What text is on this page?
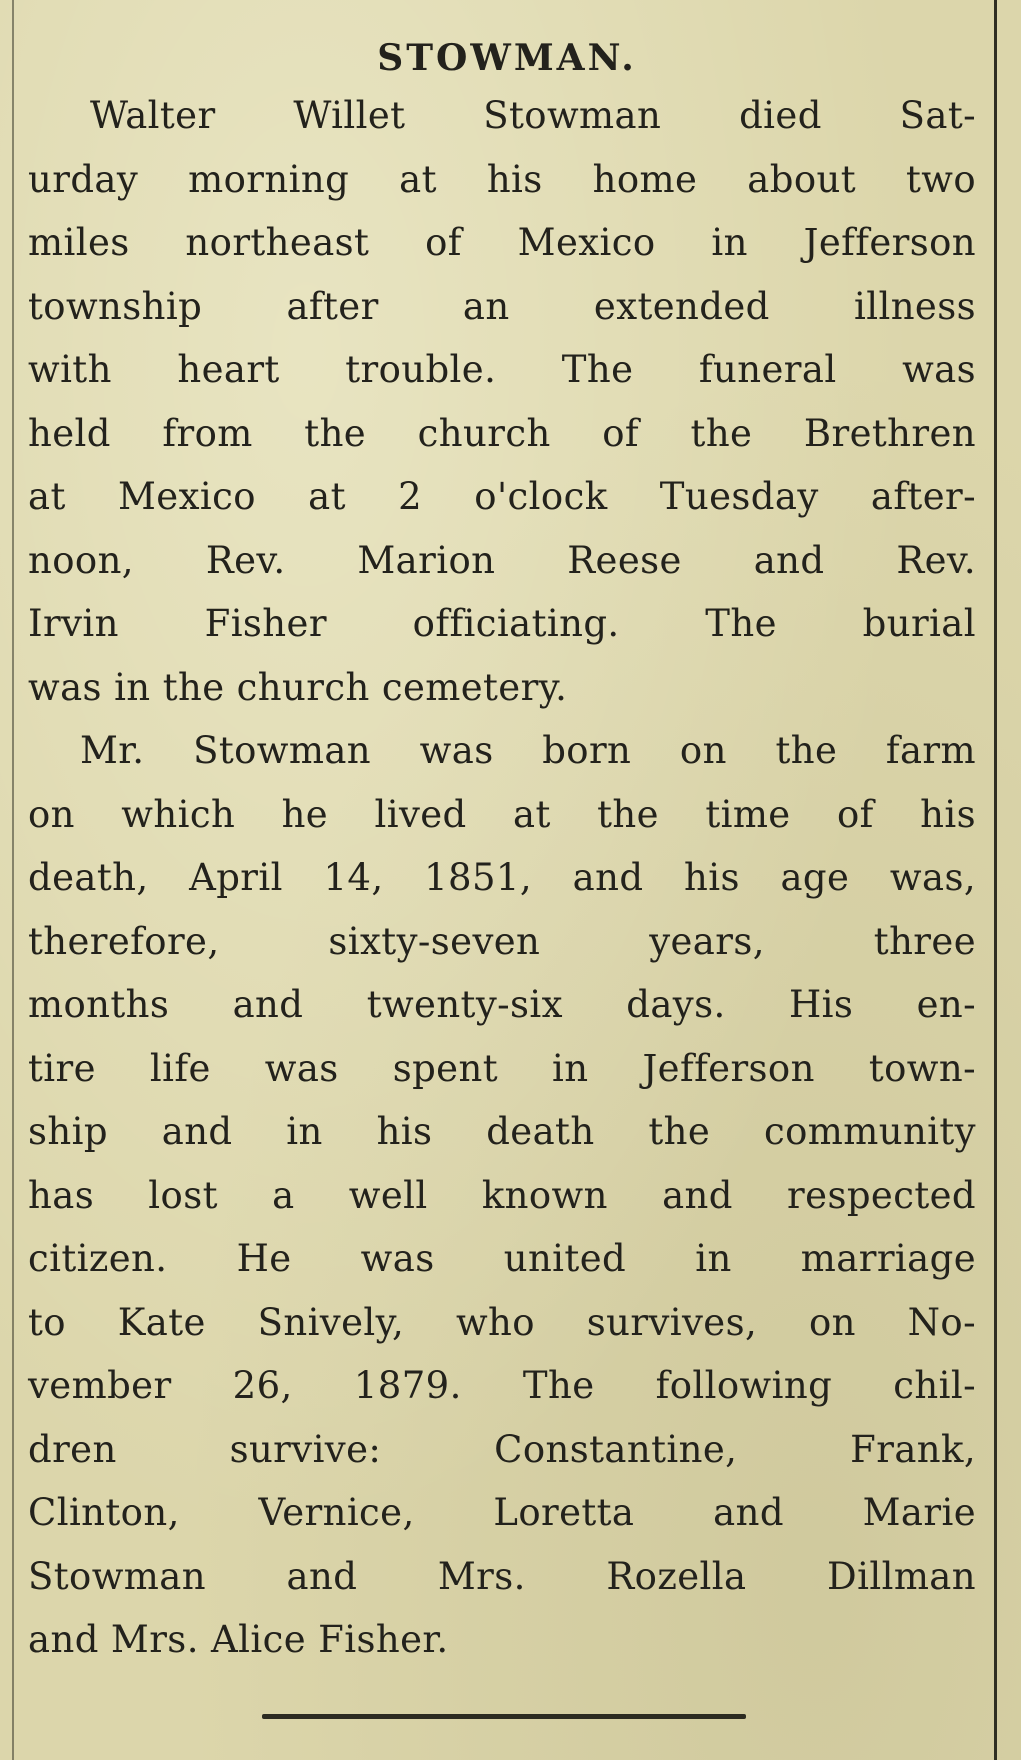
STOWMAN.

Walter Willet Stowman died Sat-
urday morning at his home about two
miles northeast of Mexico in Jefferson
township after an extended illness
with heart trouble. The funeral was
held from the church of the Brethren
at Mexico at 2 o'clock Tuesday after-
noon, Rev. Marion Reese and Rev.
Irvin Fisher officiating. The burial
was in the church cemetery.

Mr. Stowman was born on the farm
on which he lived at the time of his
death, April 14, 1851, and his age was,
therefore, sixty-seven years, three
months and twenty-six days. His en-
tire life was spent in Jefferson town-
ship and in his death the community
has lost a well known and respected
citizen. He was united in marriage
to Kate Snively, who survives, on No-
vember 26, 1879. The following chil-
dren survive: Constantine, Frank,
Clinton, Vernice, Loretta and Marie
Stowman and Mrs. Rozella Dillman
and Mrs. Alice Fisher.
